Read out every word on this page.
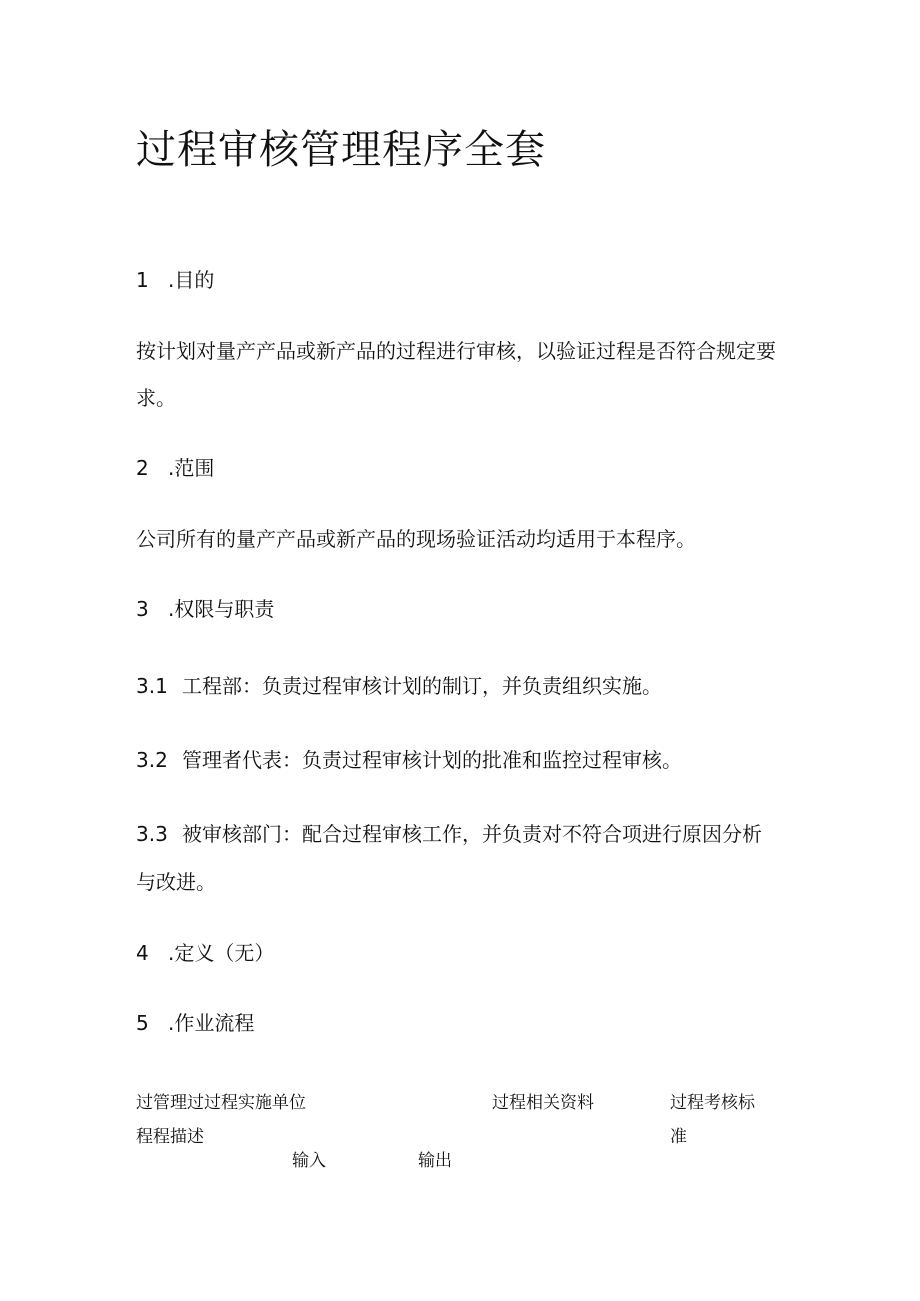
过程审核管理程序全套
1 .目的
按计划对量产产品或新产品的过程进行审核，以验证过程是否符合规定要
求。
2 .范围
公司所有的量产产品或新产品的现场验证活动均适用于本程序。
3 .权限与职责
3.1 工程部：负责过程审核计划的制订，并负责组织实施。
3.2 管理者代表：负责过程审核计划的批准和监控过程审核。
3.3 被审核部门：配合过程审核工作，并负责对不符合项进行原因分析
与改进。
4 .定义（无）
5 .作业流程
过管理过过程实施单位
程程描述
过程相关资料	过程考核标
准
输入	输出
